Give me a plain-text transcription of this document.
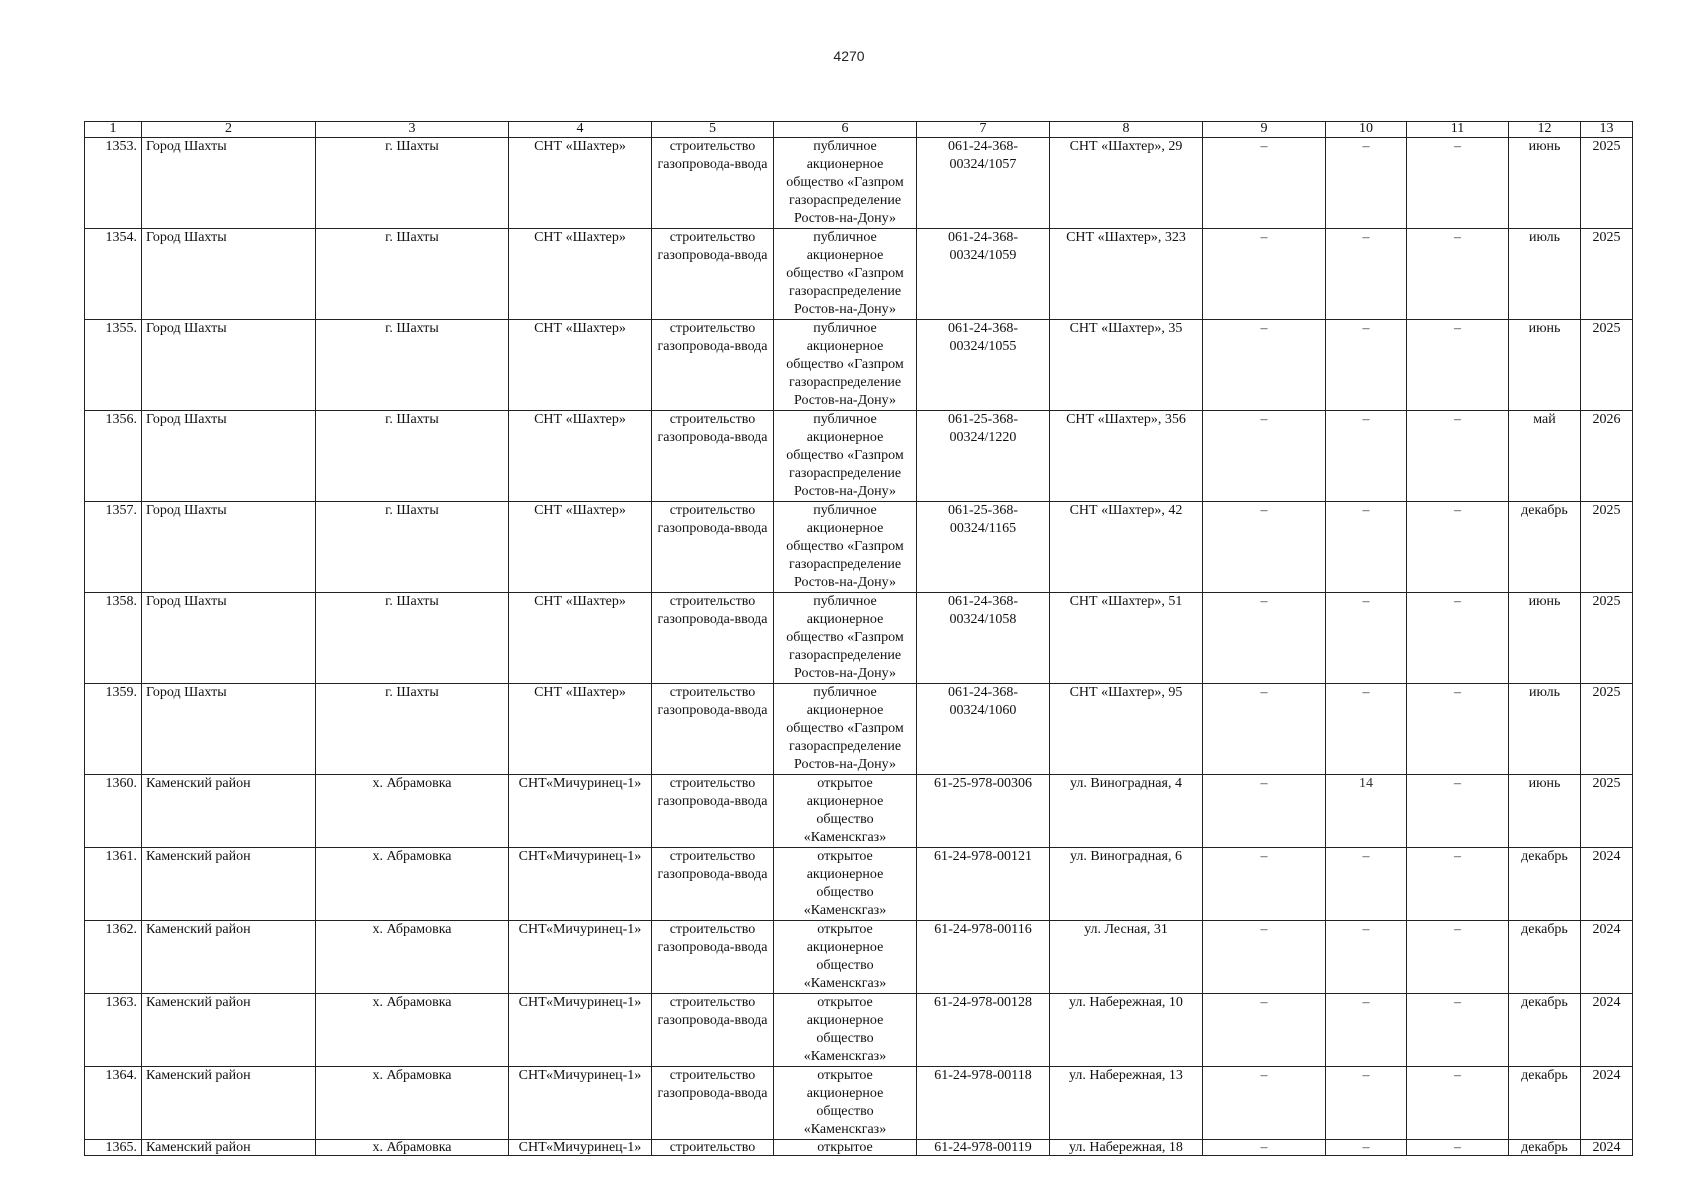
4270
1	2	3	4	5	6	7	8	9	10	11	12	13
1353.	Город Шахты	г. Шахты	СНТ «Шахтер»	строительство газопровода-ввода	публичное акционерное общество «Газпром газораспределение Ростов-на-Дону»	061-24-368-00324/1057	СНТ «Шахтер», 29	–	–	–	июнь	2025
1354.	Город Шахты	г. Шахты	СНТ «Шахтер»	строительство газопровода-ввода	публичное акционерное общество «Газпром газораспределение Ростов-на-Дону»	061-24-368-00324/1059	СНТ «Шахтер», 323	–	–	–	июль	2025
1355.	Город Шахты	г. Шахты	СНТ «Шахтер»	строительство газопровода-ввода	публичное акционерное общество «Газпром газораспределение Ростов-на-Дону»	061-24-368-00324/1055	СНТ «Шахтер», 35	–	–	–	июнь	2025
1356.	Город Шахты	г. Шахты	СНТ «Шахтер»	строительство газопровода-ввода	публичное акционерное общество «Газпром газораспределение Ростов-на-Дону»	061-25-368-00324/1220	СНТ «Шахтер», 356	–	–	–	май	2026
1357.	Город Шахты	г. Шахты	СНТ «Шахтер»	строительство газопровода-ввода	публичное акционерное общество «Газпром газораспределение Ростов-на-Дону»	061-25-368-00324/1165	СНТ «Шахтер», 42	–	–	–	декабрь	2025
1358.	Город Шахты	г. Шахты	СНТ «Шахтер»	строительство газопровода-ввода	публичное акционерное общество «Газпром газораспределение Ростов-на-Дону»	061-24-368-00324/1058	СНТ «Шахтер», 51	–	–	–	июнь	2025
1359.	Город Шахты	г. Шахты	СНТ «Шахтер»	строительство газопровода-ввода	публичное акционерное общество «Газпром газораспределение Ростов-на-Дону»	061-24-368-00324/1060	СНТ «Шахтер», 95	–	–	–	июль	2025
1360.	Каменский район	х. Абрамовка	СНТ«Мичуринец-1»	строительство газопровода-ввода	открытое акционерное общество «Каменскгаз»	61-25-978-00306	ул. Виноградная, 4	–	14	–	июнь	2025
1361.	Каменский район	х. Абрамовка	СНТ«Мичуринец-1»	строительство газопровода-ввода	открытое акционерное общество «Каменскгаз»	61-24-978-00121	ул. Виноградная, 6	–	–	–	декабрь	2024
1362.	Каменский район	х. Абрамовка	СНТ«Мичуринец-1»	строительство газопровода-ввода	открытое акционерное общество «Каменскгаз»	61-24-978-00116	ул. Лесная, 31	–	–	–	декабрь	2024
1363.	Каменский район	х. Абрамовка	СНТ«Мичуринец-1»	строительство газопровода-ввода	открытое акционерное общество «Каменскгаз»	61-24-978-00128	ул. Набережная, 10	–	–	–	декабрь	2024
1364.	Каменский район	х. Абрамовка	СНТ«Мичуринец-1»	строительство газопровода-ввода	открытое акционерное общество «Каменскгаз»	61-24-978-00118	ул. Набережная, 13	–	–	–	декабрь	2024
1365.	Каменский район	х. Абрамовка	СНТ«Мичуринец-1»	строительство	открытое	61-24-978-00119	ул. Набережная, 18	–	–	–	декабрь	2024
